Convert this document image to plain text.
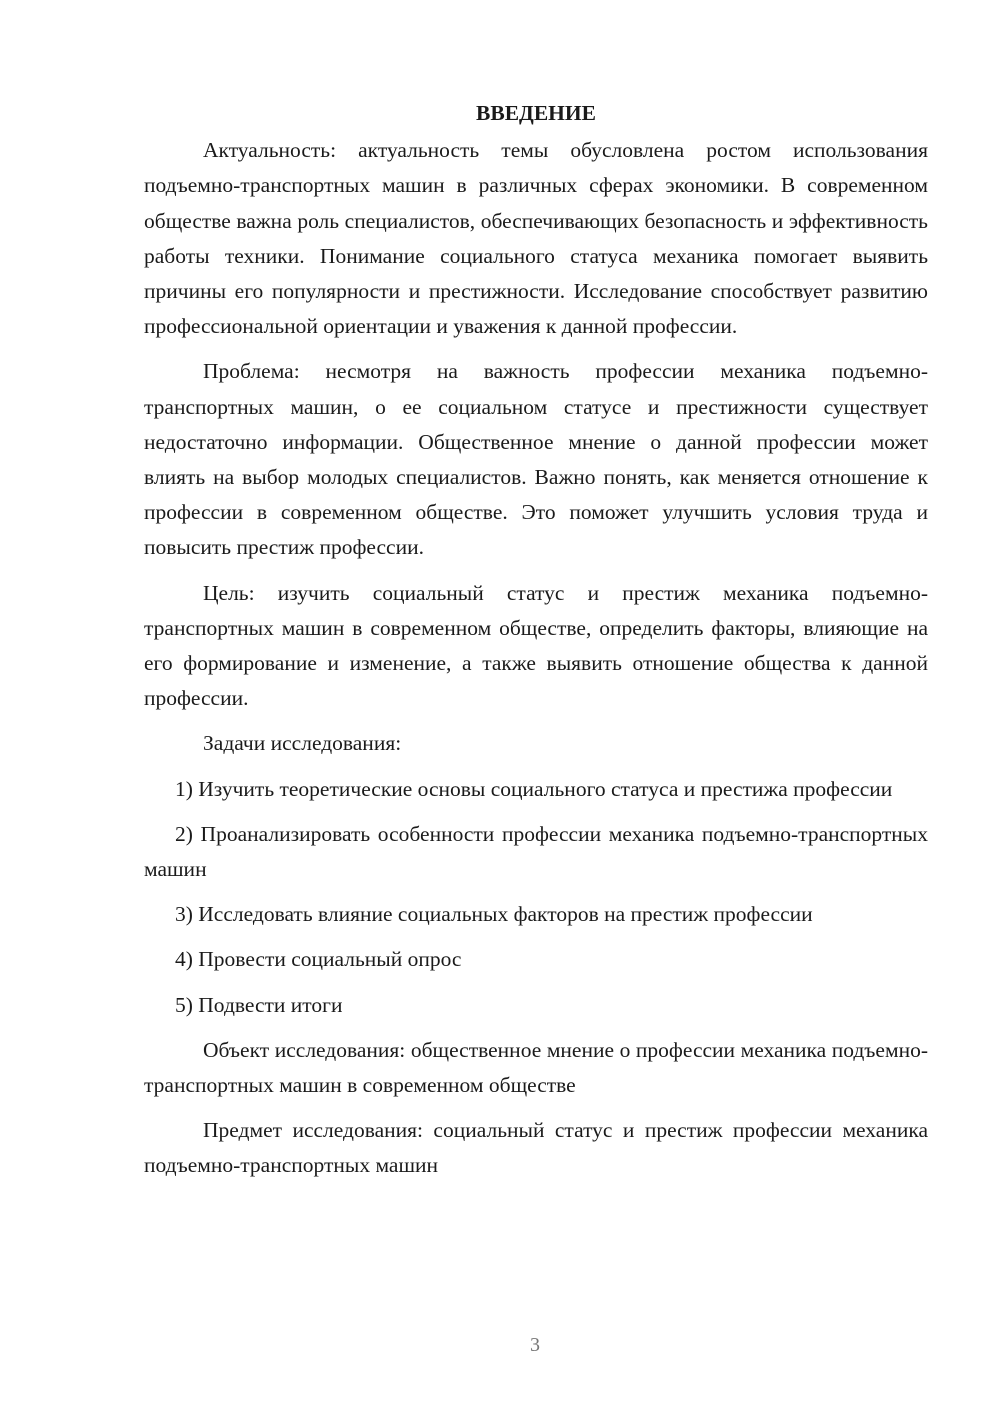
ВВЕДЕНИЕ

Актуальность: актуальность темы обусловлена ростом использования подъемно-транспортных машин в различных сферах экономики. В современном обществе важна роль специалистов, обеспечивающих безопасность и эффективность работы техники. Понимание социального статуса механика помогает выявить причины его популярности и престижности. Исследование способствует развитию профессиональной ориентации и уважения к данной профессии.

Проблема: несмотря на важность профессии механика подъемно-транспортных машин, о ее социальном статусе и престижности существует недостаточно информации. Общественное мнение о данной профессии может влиять на выбор молодых специалистов. Важно понять, как меняется отношение к профессии в современном обществе. Это поможет улучшить условия труда и повысить престиж профессии.

Цель: изучить социальный статус и престиж механика подъемно-транспортных машин в современном обществе, определить факторы, влияющие на его формирование и изменение, а также выявить отношение общества к данной профессии.

Задачи исследования:

1) Изучить теоретические основы социального статуса и престижа профессии

2) Проанализировать особенности профессии механика подъемно-транспортных машин

3) Исследовать влияние социальных факторов на престиж профессии

4) Провести социальный опрос

5) Подвести итоги

Объект исследования: общественное мнение о профессии механика подъемно-транспортных машин в современном обществе

Предмет исследования: социальный статус и престиж профессии механика подъемно-транспортных машин

3
